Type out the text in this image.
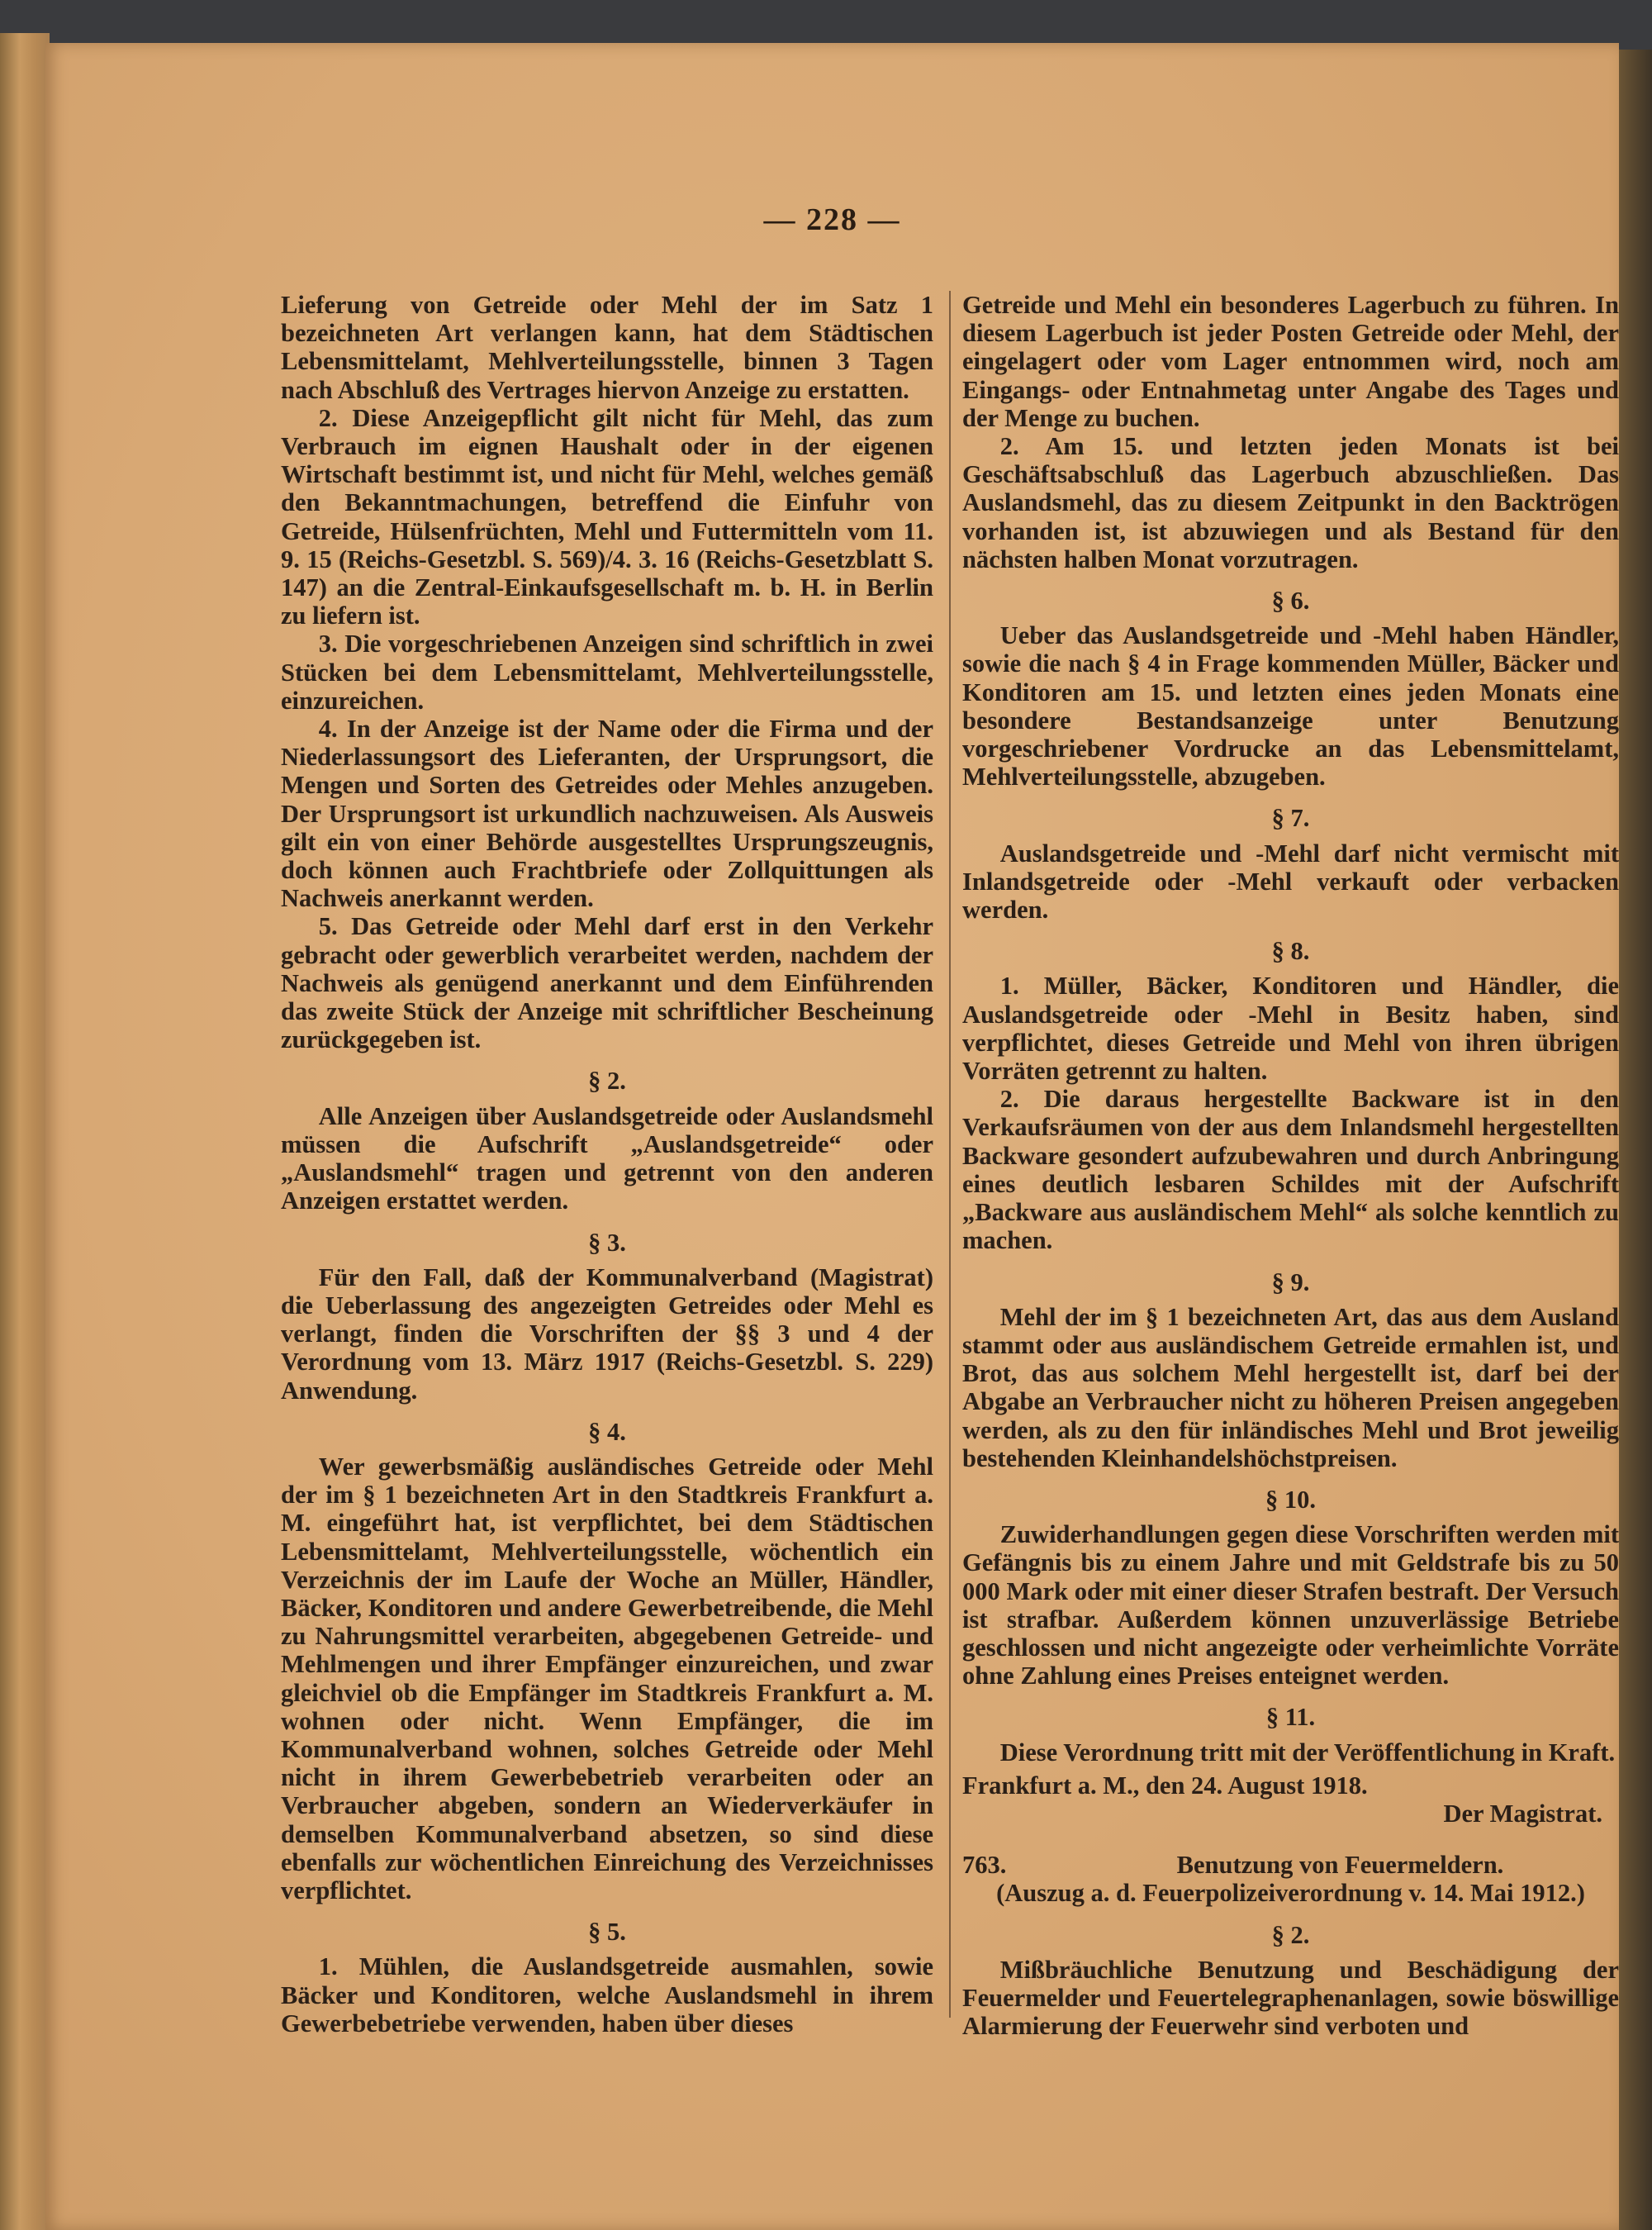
— 228 —

Lieferung von Getreide oder Mehl der im Satz 1 bezeichneten Art verlangen kann, hat dem Städtischen Lebensmittelamt, Mehlverteilungsstelle, binnen 3 Tagen nach Abschluß des Vertrages hiervon Anzeige zu erstatten.

2. Diese Anzeigepflicht gilt nicht für Mehl, das zum Verbrauch im eignen Haushalt oder in der eigenen Wirtschaft bestimmt ist, und nicht für Mehl, welches gemäß den Bekanntmachungen, betreffend die Einfuhr von Getreide, Hülsenfrüchten, Mehl und Futtermitteln vom 11. 9. 15 (Reichs-Gesetzbl. S. 569)/4. 3. 16 (Reichs-Gesetzblatt S. 147) an die Zentral-Einkaufsgesellschaft m. b. H. in Berlin zu liefern ist.

3. Die vorgeschriebenen Anzeigen sind schriftlich in zwei Stücken bei dem Lebensmittelamt, Mehlverteilungsstelle, einzureichen.

4. In der Anzeige ist der Name oder die Firma und der Niederlassungsort des Lieferanten, der Ursprungsort, die Mengen und Sorten des Getreides oder Mehles anzugeben. Der Ursprungsort ist urkundlich nachzuweisen. Als Ausweis gilt ein von einer Behörde ausgestelltes Ursprungszeugnis, doch können auch Frachtbriefe oder Zollquittungen als Nachweis anerkannt werden.

5. Das Getreide oder Mehl darf erst in den Verkehr gebracht oder gewerblich verarbeitet werden, nachdem der Nachweis als genügend anerkannt und dem Einführenden das zweite Stück der Anzeige mit schriftlicher Bescheinung zurückgegeben ist.

§ 2.

Alle Anzeigen über Auslandsgetreide oder Auslandsmehl müssen die Aufschrift „Auslandsgetreide“ oder „Auslandsmehl“ tragen und getrennt von den anderen Anzeigen erstattet werden.

§ 3.

Für den Fall, daß der Kommunalverband (Magistrat) die Ueberlassung des angezeigten Getreides oder Mehl es verlangt, finden die Vorschriften der §§ 3 und 4 der Verordnung vom 13. März 1917 (Reichs-Gesetzbl. S. 229) Anwendung.

§ 4.

Wer gewerbsmäßig ausländisches Getreide oder Mehl der im § 1 bezeichneten Art in den Stadtkreis Frankfurt a. M. eingeführt hat, ist verpflichtet, bei dem Städtischen Lebensmittelamt, Mehlverteilungsstelle, wöchentlich ein Verzeichnis der im Laufe der Woche an Müller, Händler, Bäcker, Konditoren und andere Gewerbetreibende, die Mehl zu Nahrungsmittel verarbeiten, abgegebenen Getreide- und Mehlmengen und ihrer Empfänger einzureichen, und zwar gleichviel ob die Empfänger im Stadtkreis Frankfurt a. M. wohnen oder nicht. Wenn Empfänger, die im Kommunalverband wohnen, solches Getreide oder Mehl nicht in ihrem Gewerbebetrieb verarbeiten oder an Verbraucher abgeben, sondern an Wiederverkäufer in demselben Kommunalverband absetzen, so sind diese ebenfalls zur wöchentlichen Einreichung des Verzeichnisses verpflichtet.

§ 5.

1. Mühlen, die Auslandsgetreide ausmahlen, sowie Bäcker und Konditoren, welche Auslandsmehl in ihrem Gewerbebetriebe verwenden, haben über dieses

Getreide und Mehl ein besonderes Lagerbuch zu führen. In diesem Lagerbuch ist jeder Posten Getreide oder Mehl, der eingelagert oder vom Lager entnommen wird, noch am Eingangs- oder Entnahmetag unter Angabe des Tages und der Menge zu buchen.

2. Am 15. und letzten jeden Monats ist bei Geschäftsabschluß das Lagerbuch abzuschließen. Das Auslandsmehl, das zu diesem Zeitpunkt in den Backtrögen vorhanden ist, ist abzuwiegen und als Bestand für den nächsten halben Monat vorzutragen.

§ 6.

Ueber das Auslandsgetreide und -Mehl haben Händler, sowie die nach § 4 in Frage kommenden Müller, Bäcker und Konditoren am 15. und letzten eines jeden Monats eine besondere Bestandsanzeige unter Benutzung vorgeschriebener Vordrucke an das Lebensmittelamt, Mehlverteilungsstelle, abzugeben.

§ 7.

Auslandsgetreide und -Mehl darf nicht vermischt mit Inlandsgetreide oder -Mehl verkauft oder verbacken werden.

§ 8.

1. Müller, Bäcker, Konditoren und Händler, die Auslandsgetreide oder -Mehl in Besitz haben, sind verpflichtet, dieses Getreide und Mehl von ihren übrigen Vorräten getrennt zu halten.

2. Die daraus hergestellte Backware ist in den Verkaufsräumen von der aus dem Inlandsmehl hergestellten Backware gesondert aufzubewahren und durch Anbringung eines deutlich lesbaren Schildes mit der Aufschrift „Backware aus ausländischem Mehl“ als solche kenntlich zu machen.

§ 9.

Mehl der im § 1 bezeichneten Art, das aus dem Ausland stammt oder aus ausländischem Getreide ermahlen ist, und Brot, das aus solchem Mehl hergestellt ist, darf bei der Abgabe an Verbraucher nicht zu höheren Preisen angegeben werden, als zu den für inländisches Mehl und Brot jeweilig bestehenden Kleinhandelshöchstpreisen.

§ 10.

Zuwiderhandlungen gegen diese Vorschriften werden mit Gefängnis bis zu einem Jahre und mit Geldstrafe bis zu 50 000 Mark oder mit einer dieser Strafen bestraft. Der Versuch ist strafbar. Außerdem können unzuverlässige Betriebe geschlossen und nicht angezeigte oder verheimlichte Vorräte ohne Zahlung eines Preises enteignet werden.

§ 11.

Diese Verordnung tritt mit der Veröffentlichung in Kraft.

Frankfurt a. M., den 24. August 1918.
Der Magistrat.
763.	Benutzung von Feuermeldern.
(Auszug a. d. Feuerpolizeiverordnung v. 14. Mai 1912.)
§ 2.

Mißbräuchliche Benutzung und Beschädigung der Feuermelder und Feuertelegraphenanlagen, sowie böswillige Alarmierung der Feuerwehr sind verboten und
